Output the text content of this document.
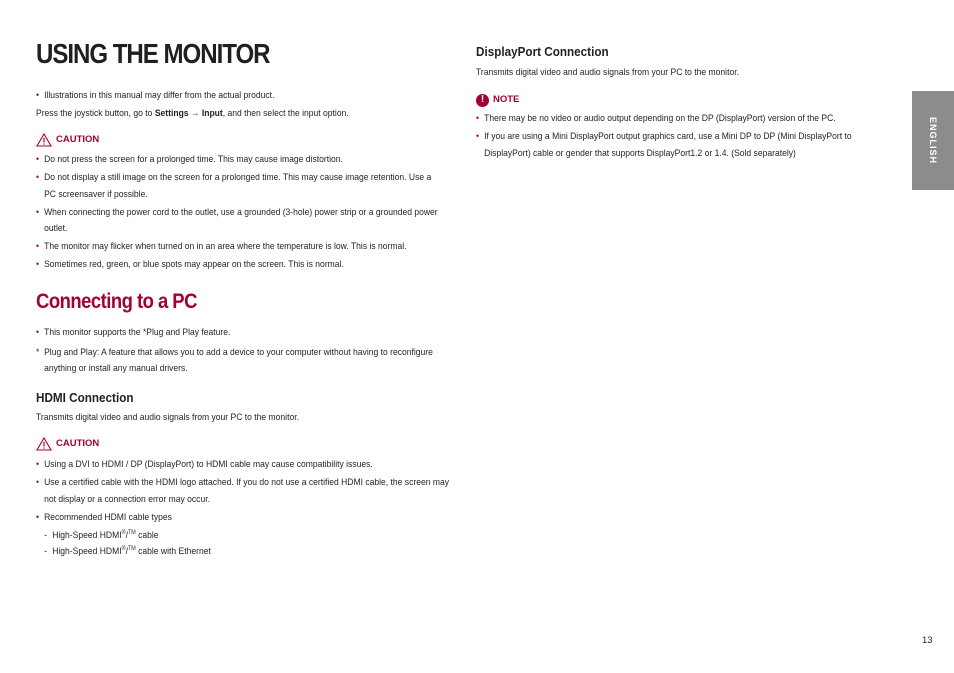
USING THE MONITOR
• Illustrations in this manual may differ from the actual product.

Press the joystick button, go to Settings → Input, and then select the input option.

CAUTION
• Do not press the screen for a prolonged time. This may cause image distortion.
• Do not display a still image on the screen for a prolonged time. This may cause image retention. Use a PC screensaver if possible.
• When connecting the power cord to the outlet, use a grounded (3-hole) power strip or a grounded power outlet.
• The monitor may flicker when turned on in an area where the temperature is low. This is normal.
• Sometimes red, green, or blue spots may appear on the screen. This is normal.
Connecting to a PC
• This monitor supports the *Plug and Play feature.
* Plug and Play: A feature that allows you to add a device to your computer without having to reconfigure anything or install any manual drivers.
HDMI Connection

Transmits digital video and audio signals from your PC to the monitor.

CAUTION
• Using a DVI to HDMI / DP (DisplayPort) to HDMI cable may cause compatibility issues.
• Use a certified cable with the HDMI logo attached. If you do not use a certified HDMI cable, the screen may not display or a connection error may occur.
• Recommended HDMI cable types
- High-Speed HDMI®/™ cable
- High-Speed HDMI®/™ cable with Ethernet
DisplayPort Connection

Transmits digital video and audio signals from your PC to the monitor.

! NOTE
• There may be no video or audio output depending on the DP (DisplayPort) version of the PC.
• If you are using a Mini DisplayPort output graphics card, use a Mini DP to DP (Mini DisplayPort to DisplayPort) cable or gender that supports DisplayPort1.2 or 1.4. (Sold separately)	ENGLISH
13
